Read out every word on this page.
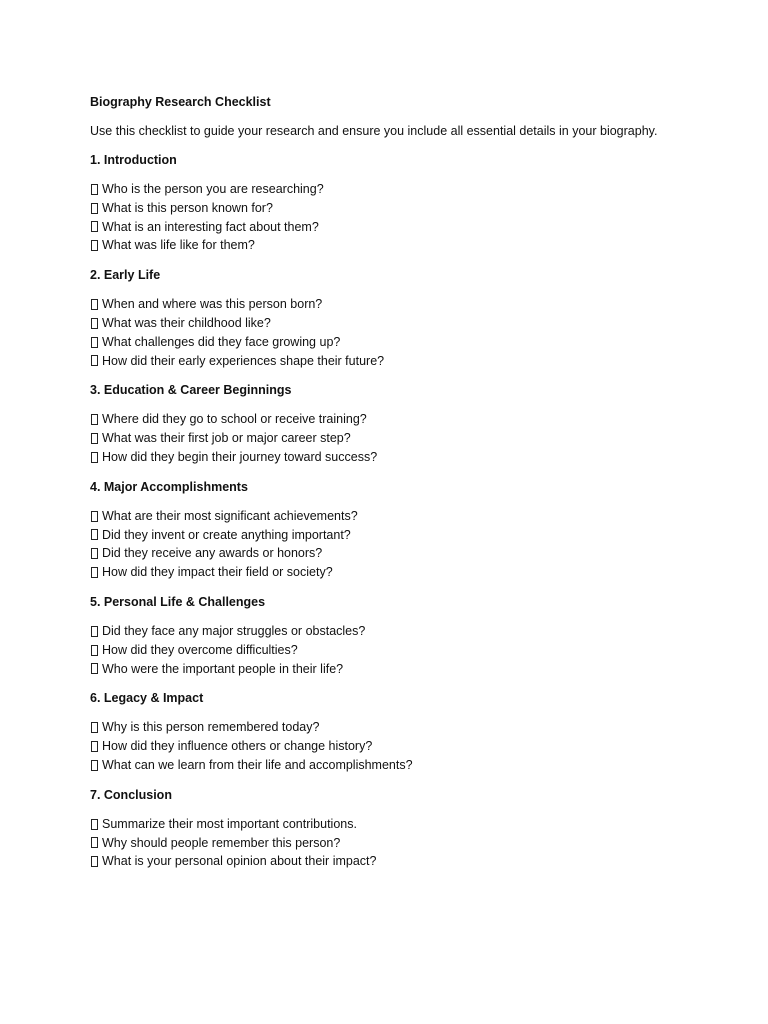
Biography Research Checklist

Use this checklist to guide your research and ensure you include all essential details in your biography.

1. Introduction

Who is the person you are researching?
What is this person known for?
What is an interesting fact about them?
What was life like for them?

2. Early Life

When and where was this person born?
What was their childhood like?
What challenges did they face growing up?
How did their early experiences shape their future?

3. Education & Career Beginnings

Where did they go to school or receive training?
What was their first job or major career step?
How did they begin their journey toward success?

4. Major Accomplishments

What are their most significant achievements?
Did they invent or create anything important?
Did they receive any awards or honors?
How did they impact their field or society?

5. Personal Life & Challenges

Did they face any major struggles or obstacles?
How did they overcome difficulties?
Who were the important people in their life?

6. Legacy & Impact

Why is this person remembered today?
How did they influence others or change history?
What can we learn from their life and accomplishments?

7. Conclusion

Summarize their most important contributions.
Why should people remember this person?
What is your personal opinion about their impact?
